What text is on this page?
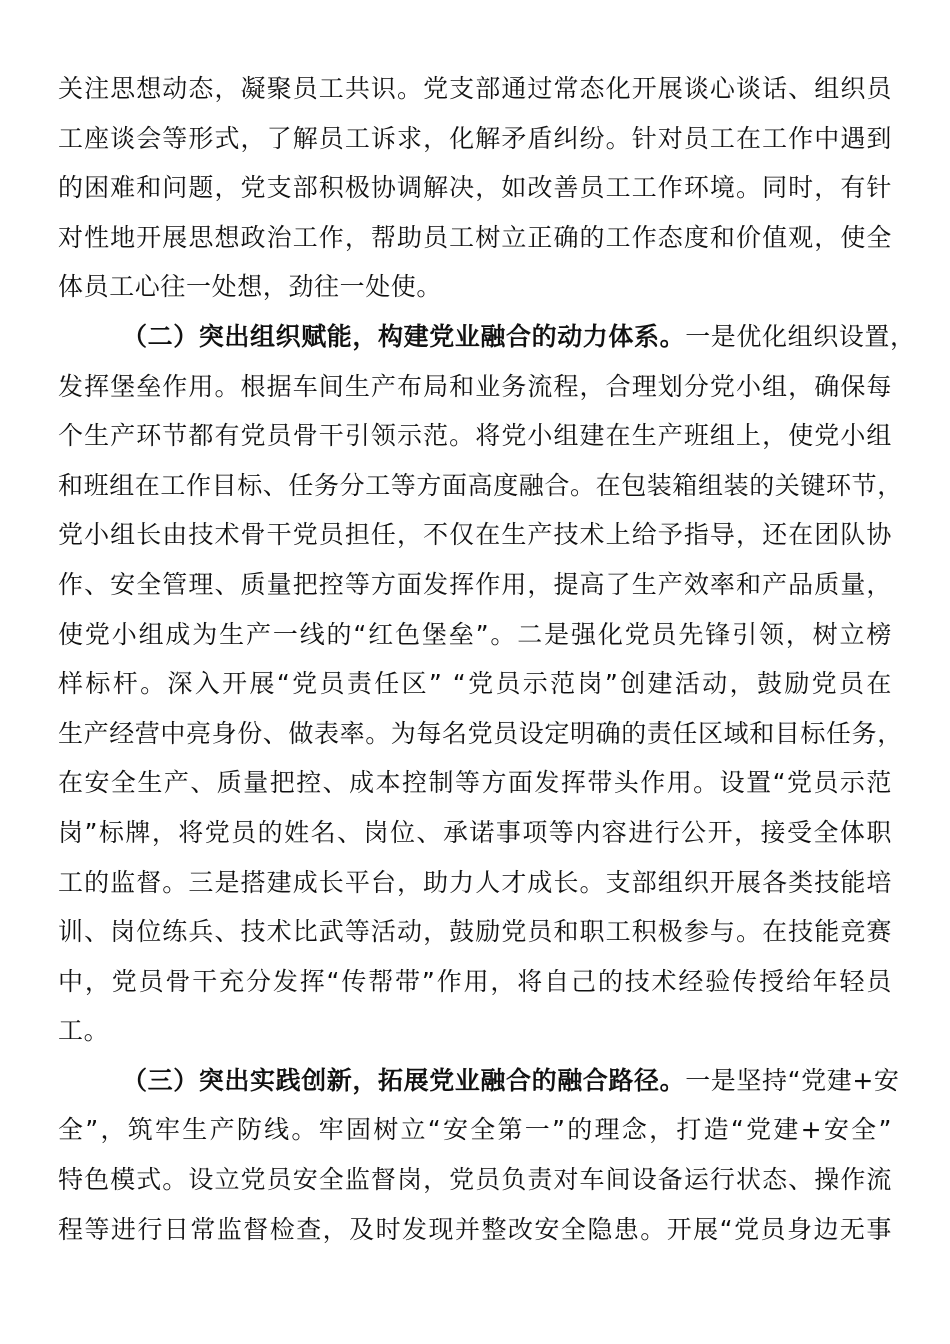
关注思想动态，凝聚员工共识。党支部通过常态化开展谈心谈话、组织员
工座谈会等形式，了解员工诉求，化解矛盾纠纷。针对员工在工作中遇到
的困难和问题，党支部积极协调解决，如改善员工工作环境。同时，有针
对性地开展思想政治工作，帮助员工树立正确的工作态度和价值观，使全
体员工心往一处想，劲往一处使。
（二）突出组织赋能，构建党业融合的动力体系。一是优化组织设置，
发挥堡垒作用。根据车间生产布局和业务流程，合理划分党小组，确保每
个生产环节都有党员骨干引领示范。将党小组建在生产班组上，使党小组
和班组在工作目标、任务分工等方面高度融合。在包装箱组装的关键环节，
党小组长由技术骨干党员担任，不仅在生产技术上给予指导，还在团队协
作、安全管理、质量把控等方面发挥作用，提高了生产效率和产品质量，
使党小组成为生产一线的“红色堡垒”。二是强化党员先锋引领，树立榜
样标杆。深入开展“党员责任区” “党员示范岗”创建活动，鼓励党员在
生产经营中亮身份、做表率。为每名党员设定明确的责任区域和目标任务，
在安全生产、质量把控、成本控制等方面发挥带头作用。设置“党员示范
岗”标牌，将党员的姓名、岗位、承诺事项等内容进行公开，接受全体职
工的监督。三是搭建成长平台，助力人才成长。支部组织开展各类技能培
训、岗位练兵、技术比武等活动，鼓励党员和职工积极参与。在技能竞赛
中，党员骨干充分发挥“传帮带”作用，将自己的技术经验传授给年轻员
工。
（三）突出实践创新，拓展党业融合的融合路径。一是坚持“党建+安
全”，筑牢生产防线。牢固树立“安全第一”的理念，打造“党建+安全”
特色模式。设立党员安全监督岗，党员负责对车间设备运行状态、操作流
程等进行日常监督检查，及时发现并整改安全隐患。开展“党员身边无事
